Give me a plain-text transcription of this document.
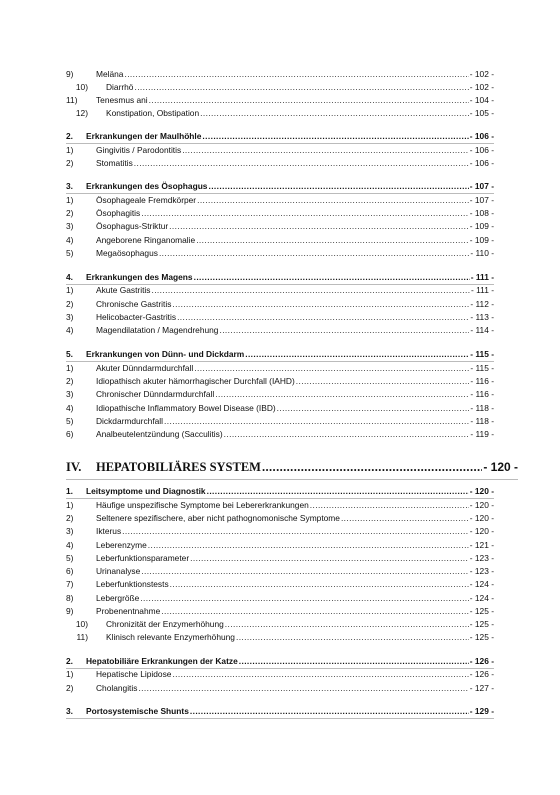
9)	Meläna .....	- 102 -
10)	Diarrhö .....	- 102 -
11)	Tenesmus ani .....	- 104 -
12)	Konstipation, Obstipation .....	- 105 -
2.	Erkrankungen der Maulhöhle .....	- 106 -
1)	Gingivitis / Parodontitis .....	- 106 -
2)	Stomatitis .....	- 106 -
3.	Erkrankungen des Ösophagus .....	- 107 -
1)	Ösophageale Fremdkörper .....	- 107 -
2)	Ösophagitis .....	- 108 -
3)	Ösophagus-Striktur .....	- 109 -
4)	Angeborene Ringanomalie .....	- 109 -
5)	Megaösophagus .....	- 110 -
4.	Erkrankungen des Magens .....	- 111 -
1)	Akute Gastritis .....	- 111 -
2)	Chronische Gastritis .....	- 112 -
3)	Helicobacter-Gastritis .....	- 113 -
4)	Magendilatation / Magendrehung .....	- 114 -
5.	Erkrankungen von Dünn- und Dickdarm .....	- 115 -
1)	Akuter Dünndarmdurchfall .....	- 115 -
2)	Idiopathisch akuter hämorrhagischer Durchfall (IAHD) .....	- 116 -
3)	Chronischer Dünndarmdurchfall .....	- 116 -
4)	Idiopathische Inflammatory Bowel Disease (IBD) .....	- 118 -
5)	Dickdarmdurchfall .....	- 118 -
6)	Analbeutelentzündung (Sacculitis) .....	- 119 -
IV.	HEPATOBILIÄRES SYSTEM .....	- 120 -
1.	Leitsymptome und Diagnostik .....	- 120 -
1)	Häufige unspezifische Symptome bei Lebererkrankungen .....	- 120 -
2)	Seltenere spezifischere, aber nicht pathognomonische Symptome .....	- 120 -
3)	Ikterus .....	- 120 -
4)	Leberenzyme .....	- 121 -
5)	Leberfunktionsparameter .....	- 123 -
6)	Urinanalyse .....	- 123 -
7)	Leberfunktionstests .....	- 124 -
8)	Lebergröße .....	- 124 -
9)	Probenentnahme .....	- 125 -
10)	Chronizität der Enzymerhöhung .....	- 125 -
11)	Klinisch relevante Enzymerhöhung .....	- 125 -
2.	Hepatobiliäre Erkrankungen der Katze .....	- 126 -
1)	Hepatische Lipidose .....	- 126 -
2)	Cholangitis .....	- 127 -
3.	Portosystemische Shunts .....	- 129 -
